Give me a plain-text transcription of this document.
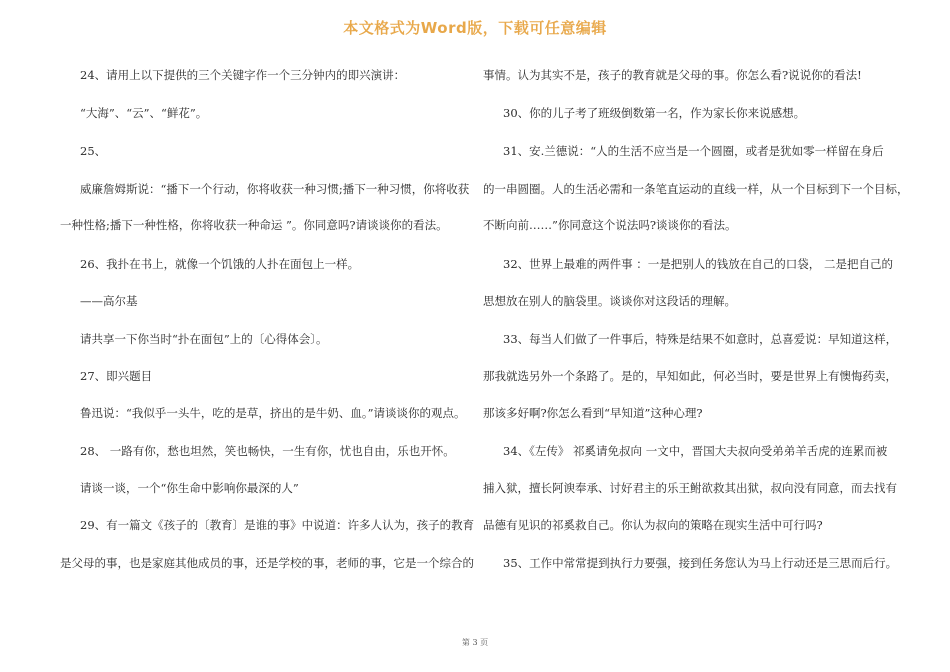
本文格式为Word版，下载可任意编辑
24、请用上以下提供的三个关键字作一个三分钟内的即兴演讲：
“大海”、“云”、“鲜花”。
25、
威廉詹姆斯说：“播下一个行动，你将收获一种习惯;播下一种习惯，你将收获
一种性格;播下一种性格，你将收获一种命运 ”。你同意吗?请谈谈你的看法。
26、我扑在书上，就像一个饥饿的人扑在面包上一样。
——高尔基
请共享一下你当时“扑在面包”上的〔心得体会〕。
27、即兴题目
鲁迅说：“我似乎一头牛，吃的是草，挤出的是牛奶、血。”请谈谈你的观点。
28、 一路有你，愁也坦然，笑也畅快，一生有你，忧也自由，乐也开怀。
请谈一谈，一个“你生命中影响你最深的人”
29、有一篇文《孩子的〔教育〕是谁的事》中说道：许多人认为，孩子的教育
是父母的事，也是家庭其他成员的事，还是学校的事，老师的事，它是一个综合的
事情。认为其实不是，孩子的教育就是父母的事。你怎么看?说说你的看法!
30、你的儿子考了班级倒数第一名，作为家长你来说感想。
31、安.兰德说：“人的生活不应当是一个圆圈，或者是犹如零一样留在身后
的一串圆圈。人的生活必需和一条笔直运动的直线一样，从一个目标到下一个目标，
不断向前……”你同意这个说法吗?谈谈你的看法。
32、世界上最难的两件事 ：一是把别人的钱放在自己的口袋， 二是把自己的
思想放在别人的脑袋里。谈谈你对这段话的理解。
33、每当人们做了一件事后，特殊是结果不如意时，总喜爱说：早知道这样，
那我就选另外一个条路了。是的，早知如此，何必当时，要是世界上有懊悔药卖，
那该多好啊?你怎么看到“早知道”这种心理?
34、《左传》 祁奚请免叔向 一文中，晋国大夫叔向受弟弟羊舌虎的连累而被
捕入狱，擅长阿谀奉承、讨好君主的乐王鲋欲救其出狱，叔向没有同意，而去找有
品德有见识的祁奚救自己。你认为叔向的策略在现实生活中可行吗?
35、工作中常常提到执行力要强，接到任务您认为马上行动还是三思而后行。
第 3 页
